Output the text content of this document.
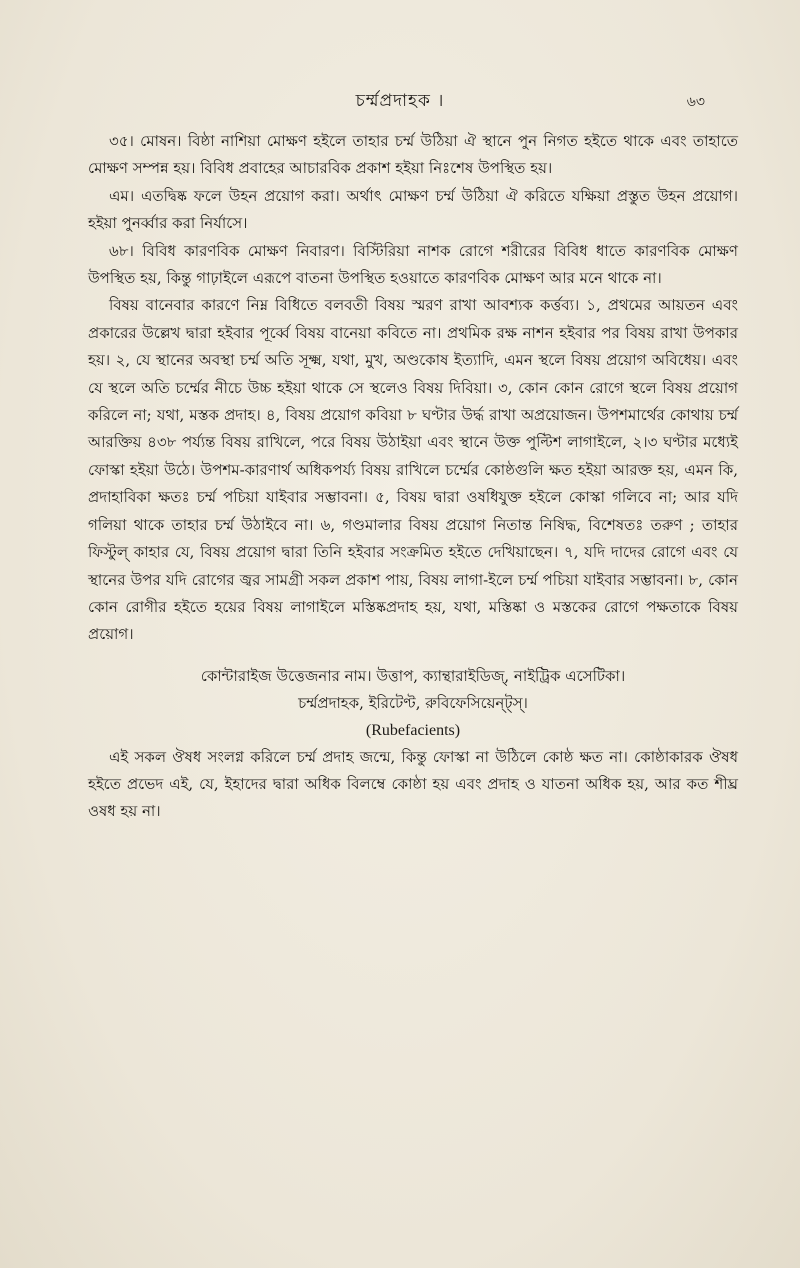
চর্ম্মপ্রদাহক ।	৬৩

৩৫। মোষন। বিষ্ঠা নাশিয়া মোক্ষণ হইলে তাহার চর্ম্ম উঠিয়া ঐ স্থানে পুন নিগত হইতে থাকে এবং তাহাতে মোক্ষণ সম্পন্ন হয়। বিবিধ প্রবাহের আচারবিক প্রকাশ হইয়া নিঃশেষ উপস্থিত হয়।

এম। এতদ্বিষ্ক ফলে উহন প্রয়োগ করা। অর্থাৎ মোক্ষণ চর্ম্ম উঠিয়া ঐ করিতে যক্ষিয়া প্রস্তুত উহন প্রয়োগ। হইয়া পুনর্ব্বার করা নির্যাসে।

৬৮। বিবিধ কারণবিক মোক্ষণ নিবারণ। বিস্টিরিয়া নাশক রোগে শরীরের বিবিধ ধাতে কারণবিক মোক্ষণ উপস্থিত হয়, কিন্তু গাঢ়াইলে এরূপে বাতনা উপস্থিত হওয়াতে কারণবিক মোক্ষণ আর মনে থাকে না।

বিষয় বানেবার কারণে নিম্ন বিধিতে বলবতী বিষয় স্মরণ রাখা আবশ্যক কর্ত্তব্য। ১, প্রথমের আয়তন এবং প্রকারের উল্লেখ দ্বারা হইবার পূর্ব্বে বিষয় বানেয়া কবিতে না। প্রথমিক রক্ষ নাশন হইবার পর বিষয় রাখা উপকার হয়। ২, যে স্থানের অবস্থা চর্ম্ম অতি সূক্ষ্ম, যথা, মুখ, অণ্ডকোষ ইত্যাদি, এমন স্থলে বিষয় প্রয়োগ অবিধেয়। এবং যে স্থলে অতি চর্ম্মের নীচে উচ্চ হইয়া থাকে সে স্থলেও বিষয় দিবিয়া। ৩, কোন কোন রোগে স্থলে বিষয় প্রয়োগ করিলে না; যথা, মস্তক প্রদাহ। ৪, বিষয় প্রয়োগ কবিয়া ৮ ঘণ্টার উর্দ্ধ রাখা অপ্রয়োজন। উপশমার্থের কোথায় চর্ম্ম আরক্তিয় ৪৩৮ পর্য্যন্ত বিষয় রাখিলে, পরে বিষয় উঠাইয়া এবং স্থানে উক্ত পুল্টিশ লাগাইলে, ২।৩ ঘণ্টার মধ্যেই ফোস্কা হইয়া উঠে। উপশম-কারণার্থ অধিকপর্য্য বিষয় রাখিলে চর্ম্মের কোষ্ঠগুলি ক্ষত হইয়া আরক্ত হয়, এমন কি, প্রদাহাবিকা ক্ষতঃ চর্ম্ম পচিয়া যাইবার সম্ভাবনা। ৫, বিষয় দ্বারা ওষধিযুক্ত হইলে কোস্কা গলিবে না; আর যদি গলিয়া থাকে তাহার চর্ম্ম উঠাইবে না। ৬, গণ্ডমালার বিষয় প্রয়োগ নিতান্ত নিষিদ্ধ, বিশেষতঃ তরুণ ; তাহার ফিস্টুল্ কাহার যে, বিষয় প্রয়োগ দ্বারা তিনি হইবার সংক্রমিত হইতে দেখিয়াছেন। ৭, যদি দাদের রোগে এবং যে স্থানের উপর যদি রোগের জ্বর সামগ্রী সকল প্রকাশ পায়, বিষয় লাগা-ইলে চর্ম্ম পচিয়া যাইবার সম্ভাবনা। ৮, কোন কোন রোগীর হইতে হয়ের বিষয় লাগাইলে মস্তিষ্কপ্রদাহ হয়, যথা, মস্তিষ্কা ও মস্তকের রোগে পক্ষতাকে বিষয় প্রয়োগ।

কোন্টারাইজ উত্তেজনার নাম। উত্তাপ, ক্যান্থারাইডিজ্, নাইট্রিক এসেটিকা।

চর্ম্মপ্রদাহক, ইরিটেণ্ট, রুবিফেসিয়েন্ট্স্।

(Rubefacients)

এই সকল ঔষধ সংলগ্ন করিলে চর্ম্ম প্রদাহ জন্মে, কিন্তু ফোস্কা না উঠিলে কোষ্ঠ ক্ষত না। কোষ্ঠাকারক ঔষধ হইতে প্রভেদ এই, যে, ইহাদের দ্বারা অধিক বিলম্বে কোষ্ঠা হয় এবং প্রদাহ ও যাতনা অধিক হয়, আর কত শীঘ্র ওষধ হয় না।
